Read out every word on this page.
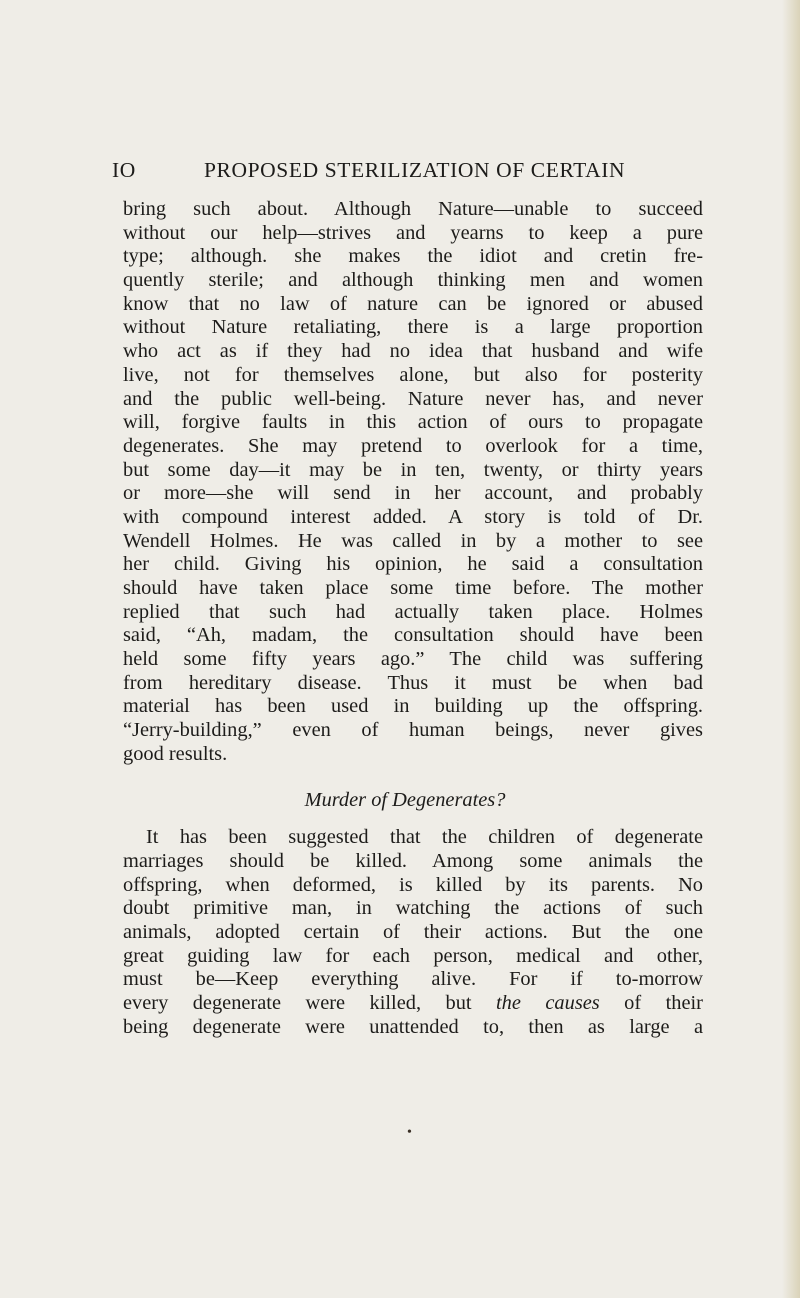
IO	PROPOSED STERILIZATION OF CERTAIN
bring such about. Although Nature—unable to succeed
without our help—strives and yearns to keep a pure
type; although. she makes the idiot and cretin fre-
quently sterile; and although thinking men and women
know that no law of nature can be ignored or abused
without Nature retaliating, there is a large proportion
who act as if they had no idea that husband and wife
live, not for themselves alone, but also for posterity
and the public well-being. Nature never has, and never
will, forgive faults in this action of ours to propagate
degenerates. She may pretend to overlook for a time,
but some day—it may be in ten, twenty, or thirty years
or more—she will send in her account, and probably
with compound interest added. A story is told of Dr.
Wendell Holmes. He was called in by a mother to see
her child. Giving his opinion, he said a consultation
should have taken place some time before. The mother
replied that such had actually taken place. Holmes
said, “Ah, madam, the consultation should have been
held some fifty years ago.” The child was suffering
from hereditary disease. Thus it must be when bad
material has been used in building up the offspring.
“Jerry-building,” even of human beings, never gives
good results.
Murder of Degenerates?
It has been suggested that the children of degenerate
marriages should be killed. Among some animals the
offspring, when deformed, is killed by its parents. No
doubt primitive man, in watching the actions of such
animals, adopted certain of their actions. But the one
great guiding law for each person, medical and other,
must be—Keep everything alive. For if to-morrow
every degenerate were killed, but the causes of their
being degenerate were unattended to, then as large a
•
